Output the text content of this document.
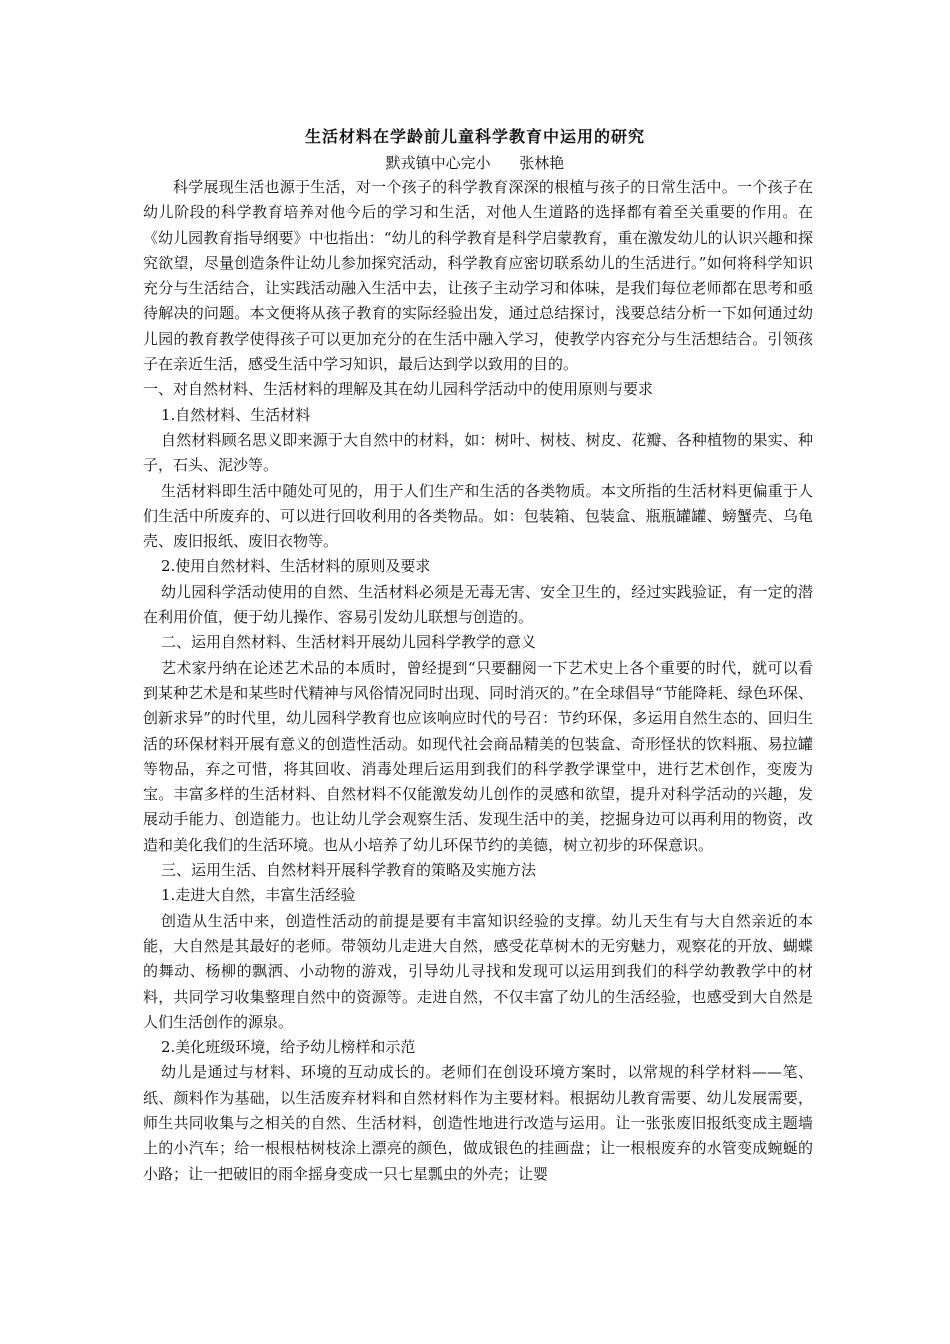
生活材料在学龄前儿童科学教育中运用的研究
默戎镇中心完小 张林艳

科学展现生活也源于生活，对一个孩子的科学教育深深的根植与孩子的日常生活中。一个孩子在幼儿阶段的科学教育培养对他今后的学习和生活，对他人生道路的选择都有着至关重要的作用。在《幼儿园教育指导纲要》中也指出：“幼儿的科学教育是科学启蒙教育，重在激发幼儿的认识兴趣和探究欲望，尽量创造条件让幼儿参加探究活动，科学教育应密切联系幼儿的生活进行。”如何将科学知识充分与生活结合，让实践活动融入生活中去，让孩子主动学习和体味，是我们每位老师都在思考和亟待解决的问题。本文便将从孩子教育的实际经验出发，通过总结探讨，浅要总结分析一下如何通过幼儿园的教育教学使得孩子可以更加充分的在生活中融入学习，使教学内容充分与生活想结合。引领孩子在亲近生活，感受生活中学习知识，最后达到学以致用的目的。

一、对自然材料、生活材料的理解及其在幼儿园科学活动中的使用原则与要求

1.自然材料、生活材料

自然材料顾名思义即来源于大自然中的材料，如：树叶、树枝、树皮、花瓣、各种植物的果实、种子，石头、泥沙等。

生活材料即生活中随处可见的，用于人们生产和生活的各类物质。本文所指的生活材料更偏重于人们生活中所废弃的、可以进行回收利用的各类物品。如：包装箱、包装盒、瓶瓶罐罐、螃蟹壳、乌龟壳、废旧报纸、废旧衣物等。

2.使用自然材料、生活材料的原则及要求

幼儿园科学活动使用的自然、生活材料必须是无毒无害、安全卫生的，经过实践验证，有一定的潜在利用价值，便于幼儿操作、容易引发幼儿联想与创造的。

二、运用自然材料、生活材料开展幼儿园科学教学的意义

艺术家丹纳在论述艺术品的本质时，曾经提到“只要翻阅一下艺术史上各个重要的时代，就可以看到某种艺术是和某些时代精神与风俗情况同时出现、同时消灭的。”在全球倡导“节能降耗、绿色环保、创新求异”的时代里，幼儿园科学教育也应该响应时代的号召：节约环保，多运用自然生态的、回归生活的环保材料开展有意义的创造性活动。如现代社会商品精美的包装盒、奇形怪状的饮料瓶、易拉罐等物品，弃之可惜，将其回收、消毒处理后运用到我们的科学教学课堂中，进行艺术创作，变废为宝。丰富多样的生活材料、自然材料不仅能激发幼儿创作的灵感和欲望，提升对科学活动的兴趣，发展动手能力、创造能力。也让幼儿学会观察生活、发现生活中的美，挖掘身边可以再利用的物资，改造和美化我们的生活环境。也从小培养了幼儿环保节约的美德，树立初步的环保意识。

三、运用生活、自然材料开展科学教育的策略及实施方法

1.走进大自然，丰富生活经验

创造从生活中来，创造性活动的前提是要有丰富知识经验的支撑。幼儿天生有与大自然亲近的本能，大自然是其最好的老师。带领幼儿走进大自然，感受花草树木的无穷魅力，观察花的开放、蝴蝶的舞动、杨柳的飘洒、小动物的游戏，引导幼儿寻找和发现可以运用到我们的科学幼教教学中的材料，共同学习收集整理自然中的资源等。走进自然，不仅丰富了幼儿的生活经验，也感受到大自然是人们生活创作的源泉。

2.美化班级环境，给予幼儿榜样和示范

幼儿是通过与材料、环境的互动成长的。老师们在创设环境方案时，以常规的科学材料——笔、纸、颜料作为基础，以生活废弃材料和自然材料作为主要材料。根据幼儿教育需要、幼儿发展需要，师生共同收集与之相关的自然、生活材料，创造性地进行改造与运用。让一张张废旧报纸变成主题墙上的小汽车；给一根根枯树枝涂上漂亮的颜色，做成银色的挂画盘；让一根根废弃的水管变成蜿蜒的小路；让一把破旧的雨伞摇身变成一只七星瓢虫的外壳；让婴
